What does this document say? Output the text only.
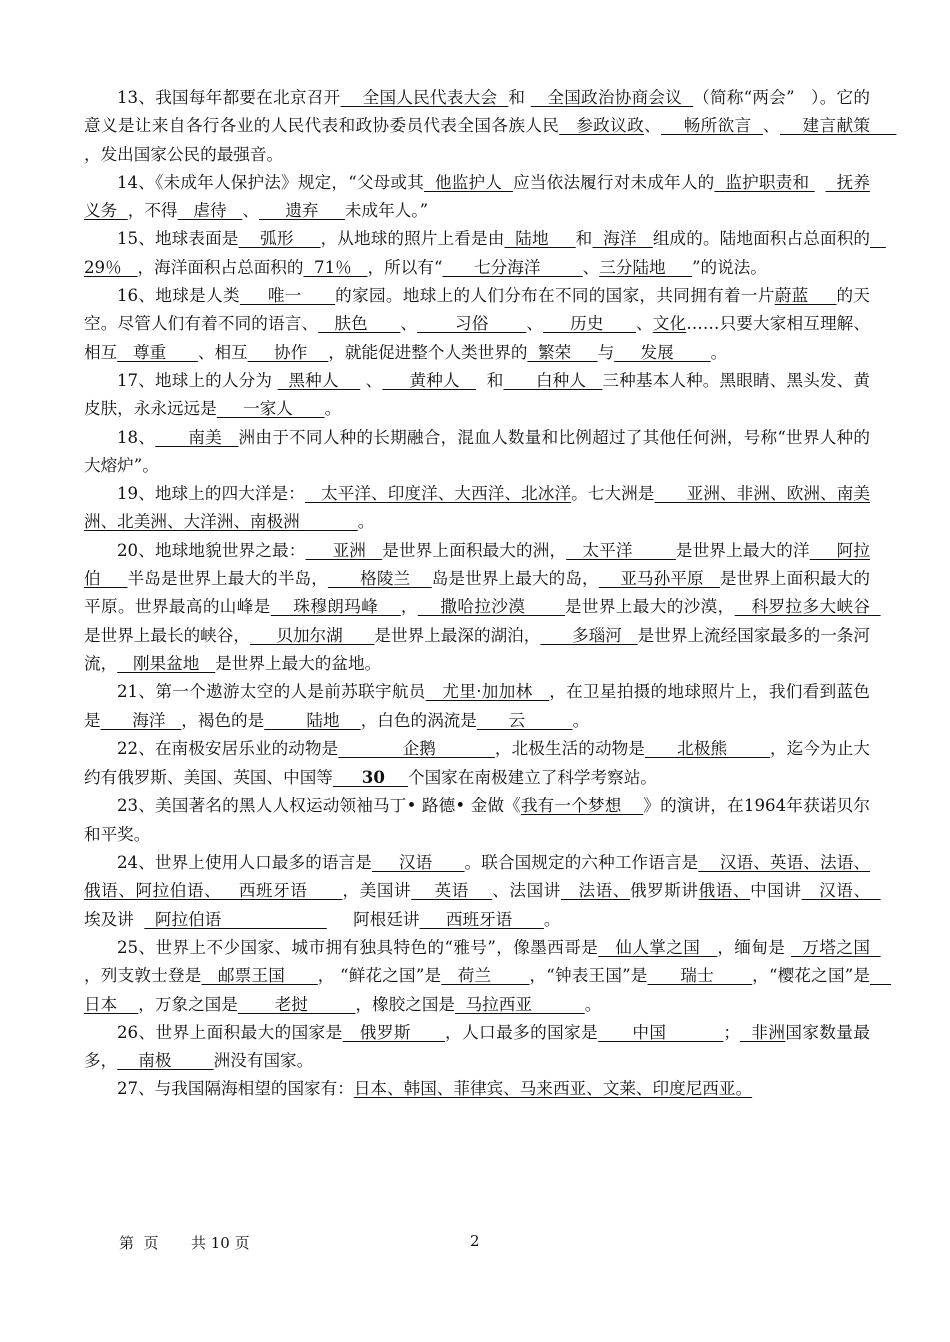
13、我国每年都要在北京召开    全国人民代表大会  和    全国政治协商会议  （简称“两会”   ）。它的意义是让来自各行各业的人民代表和政协委员代表全国各族人民   参政议政、    畅所欲言  、    建言献策     ，发出国家公民的最强音。

14、《未成年人保护法》规定，“父母或其  他监护人  应当依法履行对未成年人的  监护职责和     抚养义务  ，不得   虐待   、     遗弃     未成年人。”

15、地球表面是    弧形     ，从地球的照片上看是由  陆地     和  海洋   组成的。陆地面积占总面积的   29％   ，海洋面积占总面积的  71％   ，所以有“      七分海洋        、三分陆地     ”的说法。

16、地球是人类     唯一      的家园。地球上的人们分布在不同的国家，共同拥有着一片蔚蓝     的天空。尽管人们有着不同的语言、   肤色      、       习俗       、     历史      、文化……只要大家相互理解、相互   尊重      、相互     协作    ，就能促进整个人类世界的  繁荣     与     发展       。

17、地球上的人分为   黑种人     、     黄种人     和      白种人   三种基本人种。黑眼睛、黑头发、黄皮肤，永永远远是     一家人      。

18、      南美   洲由于不同人种的长期融合，混血人数量和比例超过了其他任何洲，号称“世界人种的大熔炉”。

19、地球上的四大洋是：   太平洋、印度洋、大西洋、北冰洋。七大洲是      亚洲、非洲、欧洲、南美洲、北美洲、大洋洲、南极洲           。

20、地球地貌世界之最：     亚洲   是世界上面积最大的洲，   太平洋        是世界上最大的洋     阿拉伯     半岛是世界上最大的半岛，      格陵兰    岛是世界上最大的岛，    亚马孙平原   是世界上面积最大的平原。世界最高的山峰是    珠穆朗玛峰    ，    撒哈拉沙漠       是世界上最大的沙漠，   科罗拉多大峡谷  是世界上最长的峡谷，     贝加尔湖      是世界上最深的湖泊，      多瑙河   是世界上流经国家最多的一条河流，   刚果盆地   是世界上最大的盆地。

21、第一个遨游太空的人是前苏联宇航员   尤里·加加林   ，在卫星拍摄的地球照片上，我们看到蓝色是      海洋   ，褐色的是        陆地    ，白色的涡流是      云         。

22、在南极安居乐业的动物是            企鹅           ，北极生活的动物是      北极熊        ，迄今为止大约有俄罗斯、美国、英国、中国等     30    个国家在南极建立了科学考察站。

23、美国著名的黑人人权运动领袖马丁• 路德• 金做《我有一个梦想    》的演讲，在1964年获诺贝尔和平奖。

24、世界上使用人口最多的语言是     汉语      。联合国规定的六种工作语言是    汉语、英语、法语、俄语、阿拉伯语、   西班牙语      ，美国讲    英语    、法国讲   法语、俄罗斯讲俄语、中国讲   汉语、    埃及讲    阿拉伯语                         阿根廷讲     西班牙语      。

25、世界上不少国家、城市拥有独具特色的“雅号”，像墨西哥是   仙人掌之国   ，缅甸是   万塔之国  ，列支敦士登是   邮票王国      ， “鲜花之国”是   荷兰       ，“钟表王国”是      瑞士       ，“樱花之国”是    日本    ，万象之国是       老挝         ，橡胶之国是  马拉西亚          。

26、世界上面积最大的国家是   俄罗斯      ，人口最多的国家是      中国          ；  非洲国家数量最多，    南极        洲没有国家。

27、与我国隔海相望的国家有：日本、韩国、菲律宾、马来西亚、文莱、印度尼西亚。

第  页 共 10 页	2
